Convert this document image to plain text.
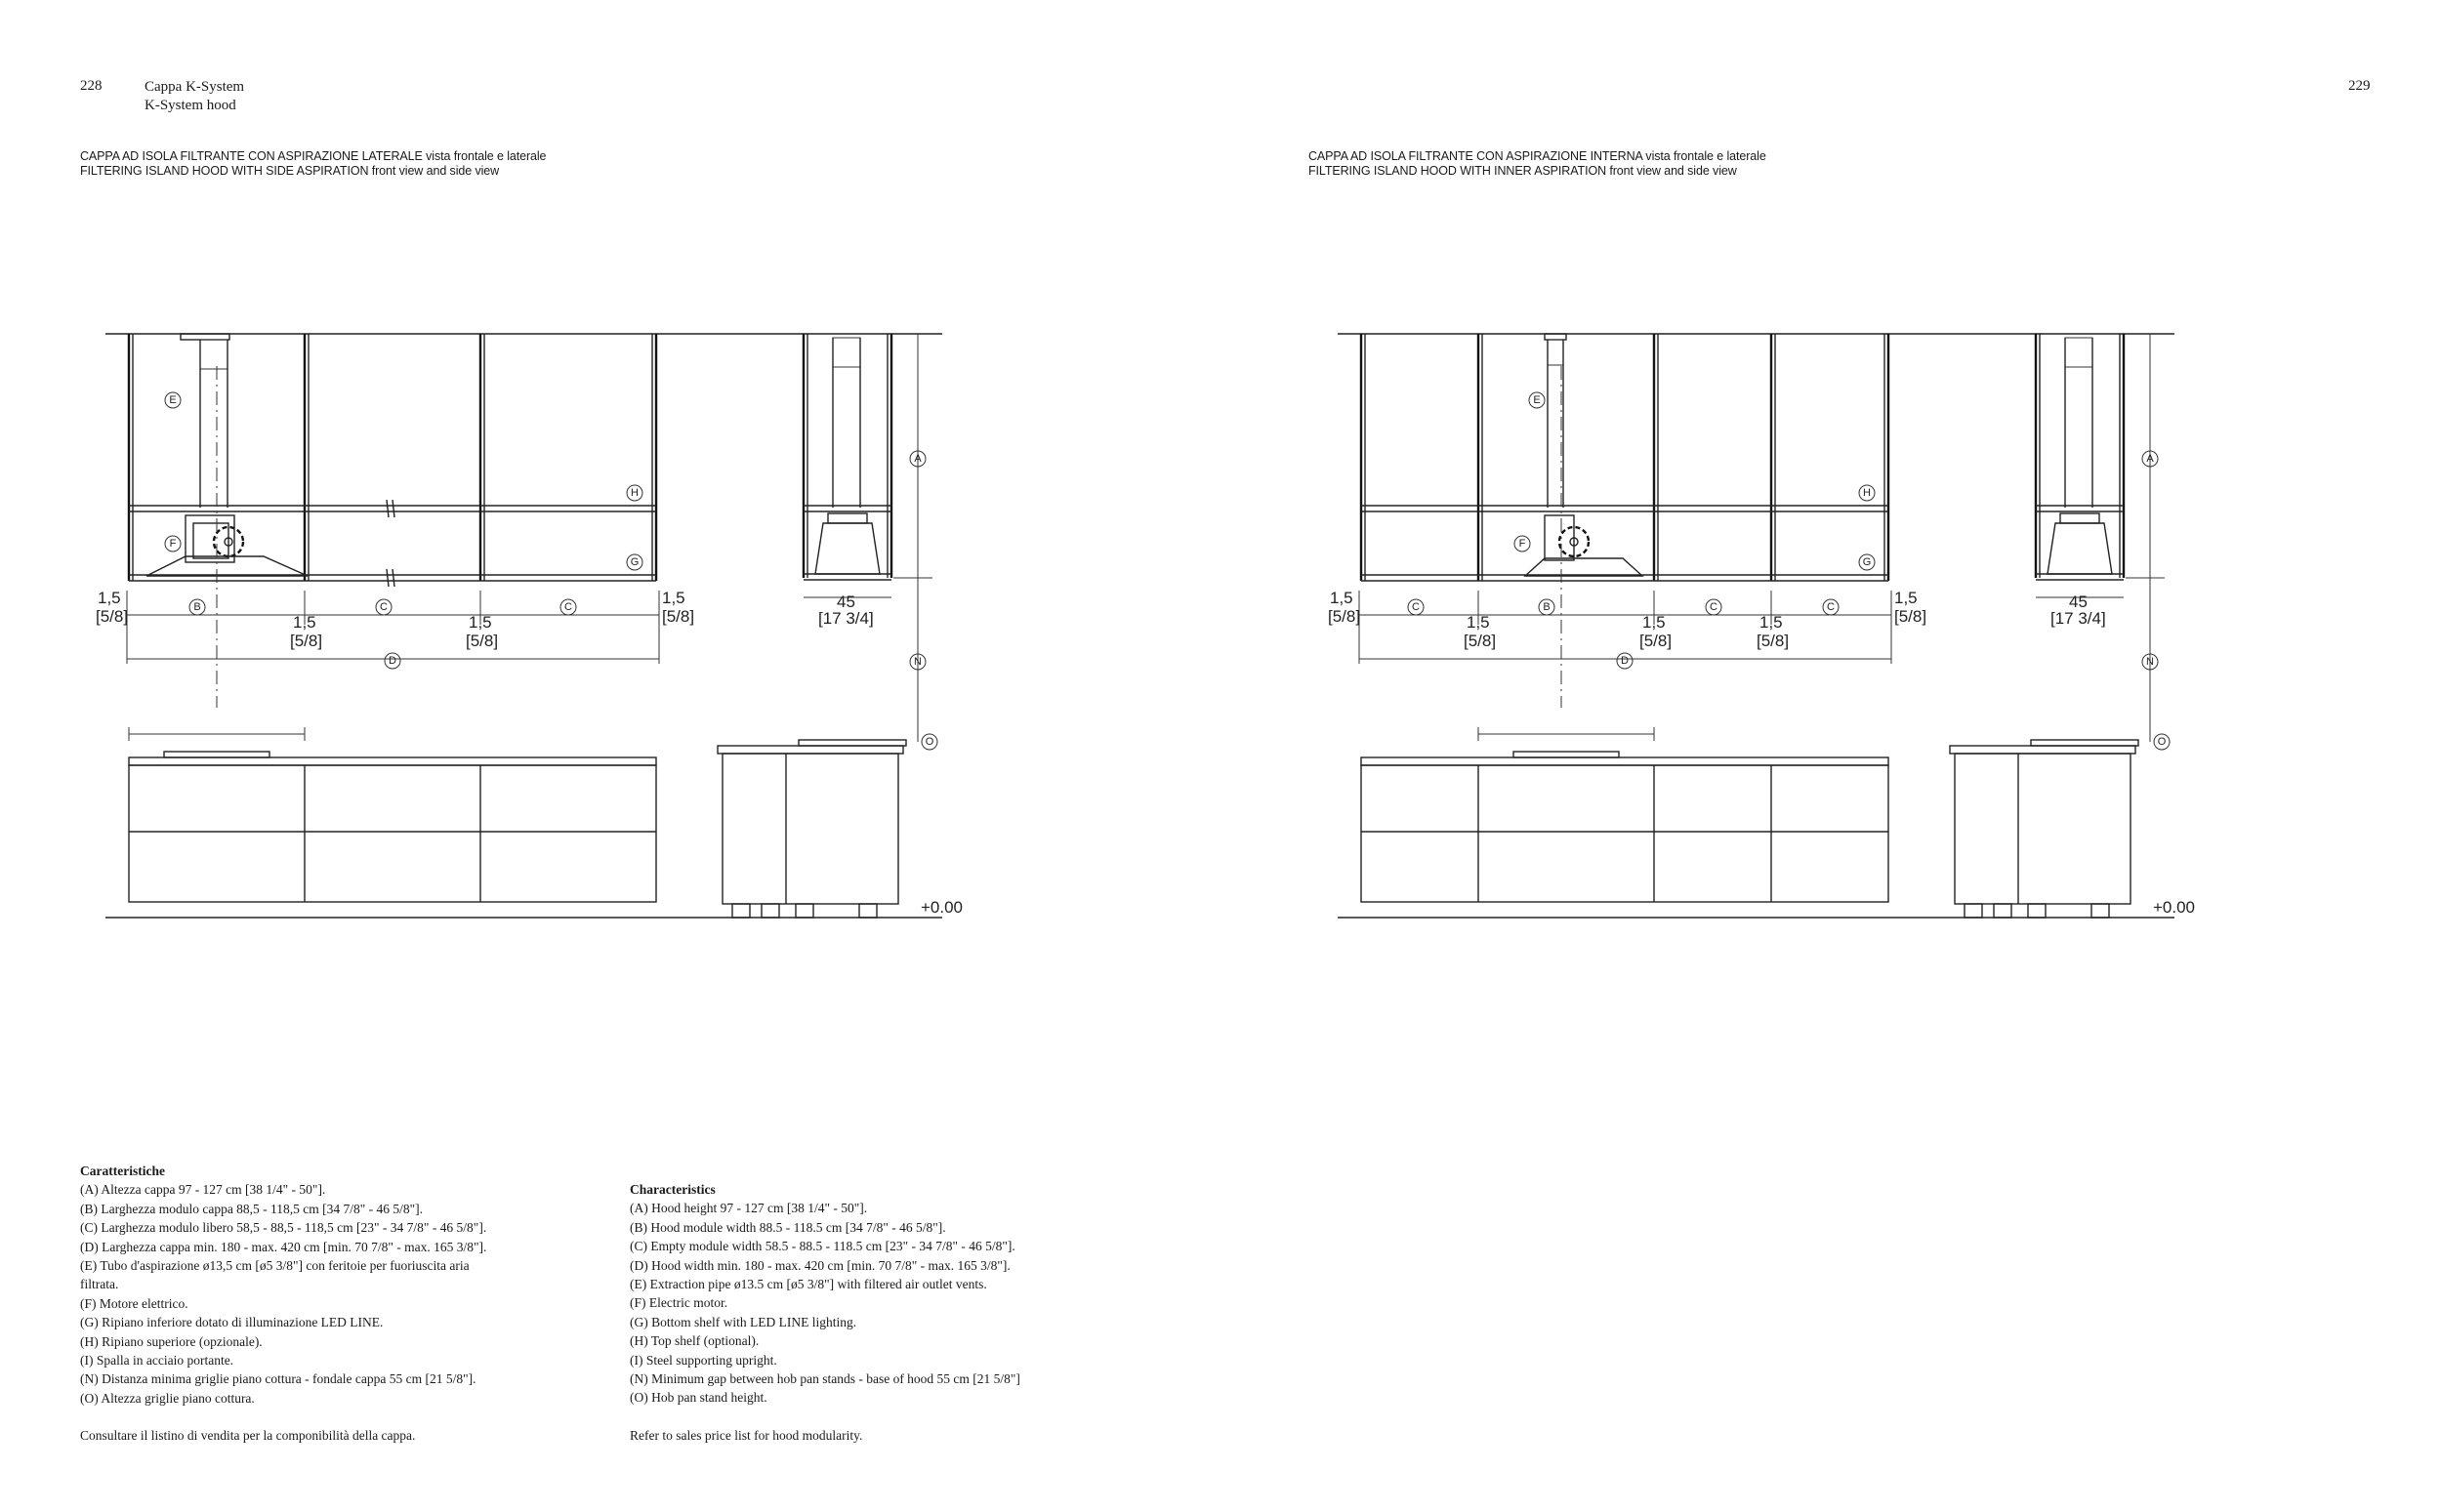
228	Cappa K-System
K-System hood
229
CAPPA AD ISOLA FILTRANTE CON ASPIRAZIONE LATERALE vista frontale e laterale
FILTERING ISLAND HOOD WITH SIDE ASPIRATION front view and side view
CAPPA AD ISOLA FILTRANTE CON ASPIRAZIONE INTERNA vista frontale e laterale
FILTERING ISLAND HOOD WITH INNER ASPIRATION front view and side view
E
F
H
G
A
B	C	C
D	N
O
1,5
[5/8]	1,5
[5/8]
1,5
[5/8]
1,5
[5/8]
45
[17 3/4]
+0.00
E
F
H
G
A
C	B	C	C
D	N
O
1,5
[5/8]	1,5
[5/8]
1,5
[5/8]
1,5
[5/8]
1,5
[5/8]
45
[17 3/4]
+0.00
Caratteristiche
(A) Altezza cappa 97 - 127 cm [38 1/4" - 50"].
(B) Larghezza modulo cappa 88,5 - 118,5 cm [34 7/8" - 46 5/8"].
(C) Larghezza modulo libero 58,5 - 88,5 - 118,5 cm [23" - 34 7/8" - 46 5/8"].
(D) Larghezza cappa min. 180 - max. 420 cm [min. 70 7/8" - max. 165 3/8"].
(E) Tubo d'aspirazione ø13,5 cm [ø5 3/8"] con feritoie per fuoriuscita aria
filtrata.
(F) Motore elettrico.
(G) Ripiano inferiore dotato di illuminazione LED LINE.
(H) Ripiano superiore (opzionale).
(I) Spalla in acciaio portante.
(N) Distanza minima griglie piano cottura - fondale cappa 55 cm [21 5/8"].
(O) Altezza griglie piano cottura.
Consultare il listino di vendita per la componibilità della cappa.
Characteristics
(A) Hood height 97 - 127 cm [38 1/4" - 50"].
(B) Hood module width 88.5 - 118.5 cm [34 7/8" - 46 5/8"].
(C) Empty module width 58.5 - 88.5 - 118.5 cm [23" - 34 7/8" - 46 5/8"].
(D) Hood width min. 180 - max. 420 cm [min. 70 7/8" - max. 165 3/8"].
(E) Extraction pipe ø13.5 cm [ø5 3/8"] with filtered air outlet vents.
(F) Electric motor.
(G) Bottom shelf with LED LINE lighting.
(H) Top shelf (optional).
(I) Steel supporting upright.
(N) Minimum gap between hob pan stands - base of hood 55 cm [21 5/8"]
(O) Hob pan stand height.
Refer to sales price list for hood modularity.
